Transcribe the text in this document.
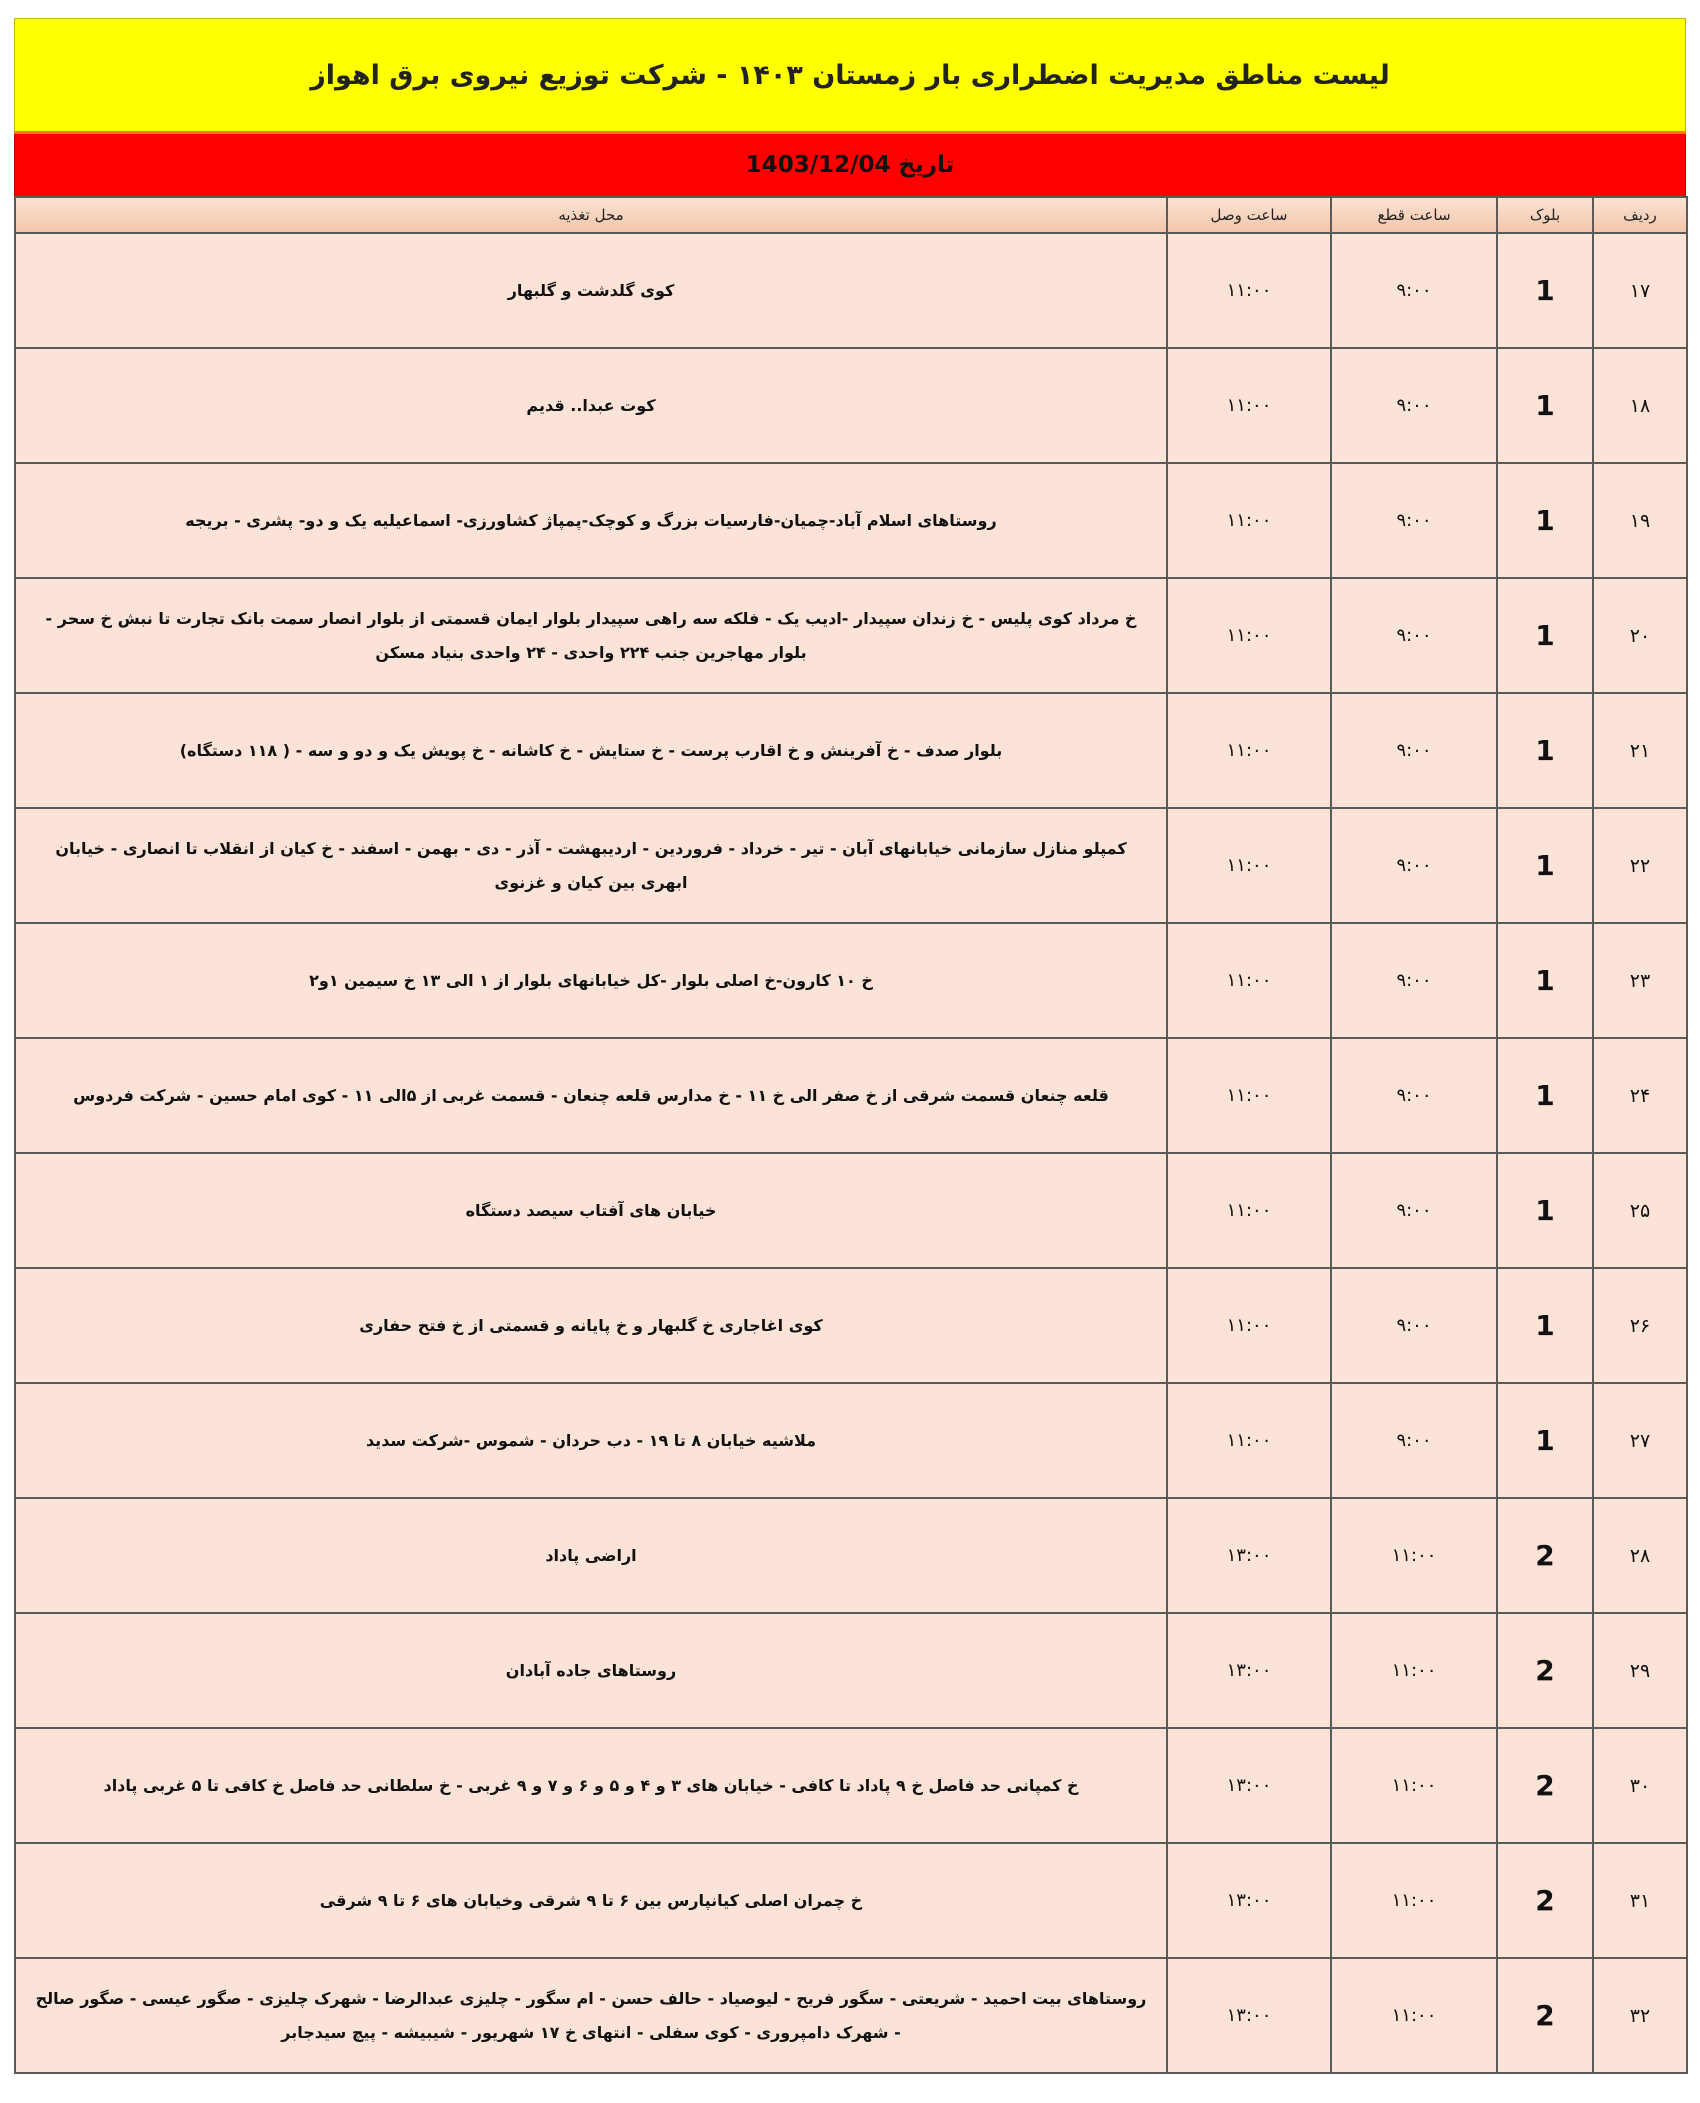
لیست مناطق مدیریت اضطراری بار زمستان ۱۴۰۳ - شرکت توزیع نیروی برق اهواز
تاریخ 1403/12/04
ردیف	بلوک	ساعت قطع	ساعت وصل	محل تغذیه
۱۷	1	۹:۰۰	۱۱:۰۰	کوی گلدشت و گلبهار
۱۸	1	۹:۰۰	۱۱:۰۰	کوت عبدا.. قدیم
۱۹	1	۹:۰۰	۱۱:۰۰	روستاهای اسلام آباد-چمیان-فارسیات بزرگ و کوچک-پمپاژ کشاورزی- اسماعیلیه یک و دو- پشری - بریجه
۲۰	1	۹:۰۰	۱۱:۰۰	خ مرداد کوی پلیس - خ زندان سپیدار -ادیب یک - فلکه سه راهی سپیدار بلوار ایمان قسمتی از بلوار انصار سمت بانک تجارت تا نبش خ سحر - بلوار مهاجرین جنب ۲۲۴ واحدی - ۲۴ واحدی بنیاد مسکن
۲۱	1	۹:۰۰	۱۱:۰۰	بلوار صدف - خ آفرینش و خ اقارب پرست - خ ستایش - خ کاشانه - خ پویش یک و دو و سه - ( ۱۱۸ دستگاه)
۲۲	1	۹:۰۰	۱۱:۰۰	کمپلو منازل سازمانی خیابانهای آبان - تیر - خرداد - فروردین - اردیبهشت - آذر - دی - بهمن - اسفند - خ کیان از انقلاب تا انصاری - خیابان ابهری بین کیان و غزنوی
۲۳	1	۹:۰۰	۱۱:۰۰	خ ۱۰ کارون-خ اصلی بلوار -کل خیابانهای بلوار از ۱ الی ۱۳ خ سیمین ۱و۲
۲۴	1	۹:۰۰	۱۱:۰۰	قلعه چنعان قسمت شرقی از خ صفر الی خ ۱۱ - خ مدارس قلعه چنعان - قسمت غربی از ۵الی ۱۱ - کوی امام حسین - شرکت فردوس
۲۵	1	۹:۰۰	۱۱:۰۰	خیابان های آفتاب سیصد دستگاه
۲۶	1	۹:۰۰	۱۱:۰۰	کوی اغاجاری خ گلبهار و خ پایانه و قسمتی از خ فتح حفاری
۲۷	1	۹:۰۰	۱۱:۰۰	ملاشیه خیابان ۸ تا ۱۹ - دب حردان - شموس -شرکت سدید
۲۸	2	۱۱:۰۰	۱۳:۰۰	اراضی پاداد
۲۹	2	۱۱:۰۰	۱۳:۰۰	روستاهای جاده آبادان
۳۰	2	۱۱:۰۰	۱۳:۰۰	خ کمپانی حد فاصل خ ۹ پاداد تا کافی - خیابان های ۳ و ۴ و ۵ و ۶ و ۷ و ۹ غربی - خ سلطانی حد فاصل خ کافی تا ۵ غربی پاداد
۳۱	2	۱۱:۰۰	۱۳:۰۰	خ چمران اصلی کیانپارس بین ۶ تا ۹ شرقی وخیابان های ۶ تا ۹ شرقی
۳۲	2	۱۱:۰۰	۱۳:۰۰	روستاهای بیت احمید - شریعتی - سگور فریح - لیوصیاد - حالف حسن - ام سگور - چلیزی عبدالرضا - شهرک چلیزی - صگور عیسی - صگور صالح - شهرک دامپروری - کوی سفلی - انتهای خ ۱۷ شهریور - شیبیشه - پیچ سیدجابر
